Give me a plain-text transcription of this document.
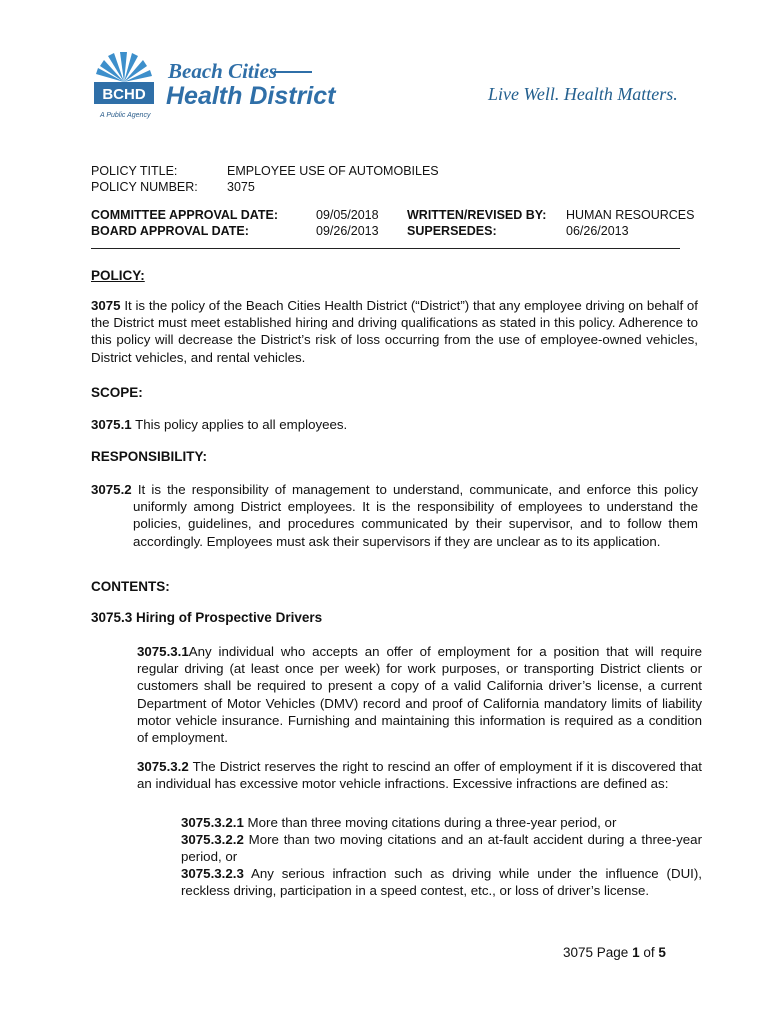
BCHD
Beach Cities
Health District
A Public Agency
Live Well. Health Matters.
POLICY TITLE:	EMPLOYEE USE OF AUTOMOBILES
POLICY NUMBER: 3075
COMMITTEE APPROVAL DATE:	09/05/2018 WRITTEN/REVISED BY: HUMAN RESOURCES
BOARD APPROVAL DATE:	09/26/2013 SUPERSEDES:	06/26/2013
POLICY:

3075 It is the policy of the Beach Cities Health District (“District”) that any employee driving on behalf of the District must meet established hiring and driving qualifications as stated in this policy. Adherence to this policy will decrease the District’s risk of loss occurring from the use of employee-owned vehicles, District vehicles, and rental vehicles.

SCOPE:

3075.1 This policy applies to all employees.

RESPONSIBILITY:

3075.2 It is the responsibility of management to understand, communicate, and enforce this policy uniformly among District employees. It is the responsibility of employees to understand the policies, guidelines, and procedures communicated by their supervisor, and to follow them accordingly. Employees must ask their supervisors if they are unclear as to its application.

CONTENTS:
3075.3 Hiring of Prospective Drivers

3075.3.1Any individual who accepts an offer of employment for a position that will require regular driving (at least once per week) for work purposes, or transporting District clients or customers shall be required to present a copy of a valid California driver’s license, a current Department of Motor Vehicles (DMV) record and proof of California mandatory limits of liability motor vehicle insurance. Furnishing and maintaining this information is required as a condition of employment.

3075.3.2 The District reserves the right to rescind an offer of employment if it is discovered that an individual has excessive motor vehicle infractions. Excessive infractions are defined as:

3075.3.2.1 More than three moving citations during a three-year period, or

3075.3.2.2 More than two moving citations and an at-fault accident during a three-year period, or

3075.3.2.3 Any serious infraction such as driving while under the influence (DUI), reckless driving, participation in a speed contest, etc., or loss of driver’s license.

3075 Page 1 of 5
